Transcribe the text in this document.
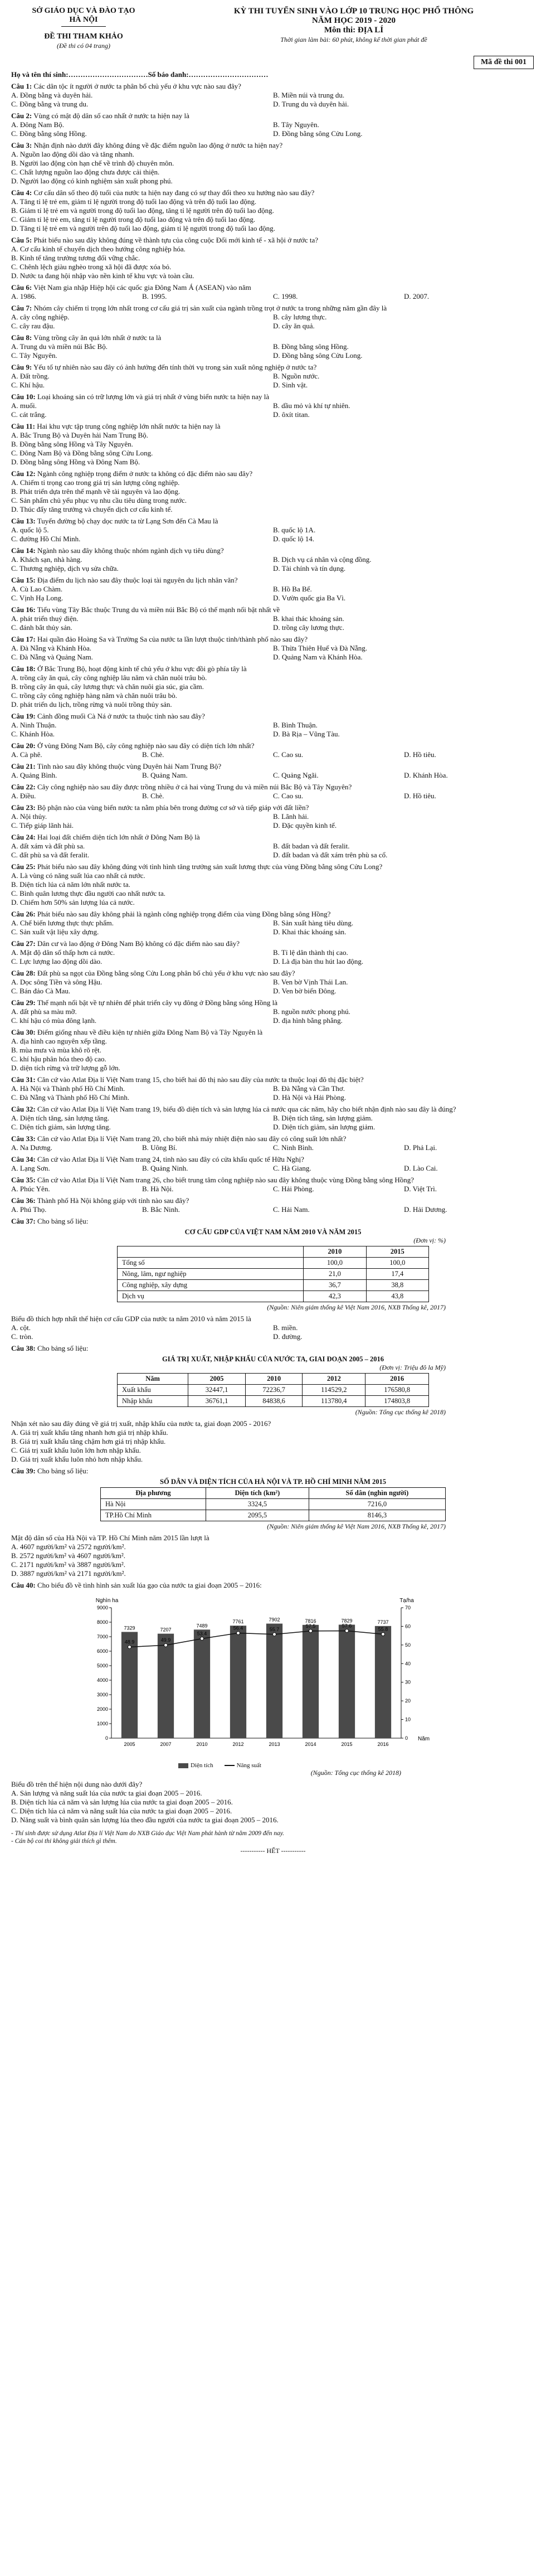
SỞ GIÁO DỤC VÀ ĐÀO TẠO
HÀ NỘI
ĐỀ THI THAM KHẢO
(Đề thi có 04 trang)
KỲ THI TUYỂN SINH VÀO LỚP 10 TRUNG HỌC PHỔ THÔNG
NĂM HỌC 2019 - 2020
Môn thi: ĐỊA LÍ
Thời gian làm bài: 60 phút, không kể thời gian phát đề
Mã đề thi 001
Họ và tên thí sinh:……………………………Số báo danh:……………………………
Câu 1: Các dân tộc ít người ở nước ta phân bố chủ yếu ở khu vực nào sau đây?
A. Đồng bằng và duyên hải.	B. Miền núi và trung du.
C. Đồng bằng và trung du.	D. Trung du và duyên hải.
Câu 2: Vùng có mật độ dân số cao nhất ở nước ta hiện nay là
A. Đông Nam Bộ.	B. Tây Nguyên.
C. Đồng bằng sông Hồng.	D. Đồng bằng sông Cửu Long.
Câu 3: Nhận định nào dưới đây không đúng về đặc điểm nguồn lao động ở nước ta hiện nay?
A. Nguồn lao động dồi dào và tăng nhanh.
B. Người lao động còn hạn chế về trình độ chuyên môn.
C. Chất lượng nguồn lao động chưa được cải thiện.
D. Người lao động có kinh nghiệm sản xuất phong phú.
Câu 4: Cơ cấu dân số theo độ tuổi của nước ta hiện nay đang có sự thay đổi theo xu hướng nào sau đây?
A. Tăng tỉ lệ trẻ em, giảm tỉ lệ người trong độ tuổi lao động và trên độ tuổi lao động.
B. Giảm tỉ lệ trẻ em và người trong độ tuổi lao động, tăng tỉ lệ người trên độ tuổi lao động.
C. Giảm tỉ lệ trẻ em, tăng tỉ lệ người trong độ tuổi lao động và trên độ tuổi lao động.
D. Tăng tỉ lệ trẻ em và người trên độ tuổi lao động, giảm tỉ lệ người trong độ tuổi lao động.
Câu 5: Phát biểu nào sau đây không đúng về thành tựu của công cuộc Đổi mới kinh tế - xã hội ở nước ta?
A. Cơ cấu kinh tế chuyển dịch theo hướng công nghiệp hóa.
B. Kinh tế tăng trưởng tương đối vững chắc.
C. Chênh lệch giàu nghèo trong xã hội đã được xóa bỏ.
D. Nước ta đang hội nhập vào nền kinh tế khu vực và toàn cầu.
Câu 6: Việt Nam gia nhập Hiệp hội các quốc gia Đông Nam Á (ASEAN) vào năm
A. 1986.	B. 1995.	C. 1998.	D. 2007.
Câu 7: Nhóm cây chiếm tỉ trọng lớn nhất trong cơ cấu giá trị sản xuất của ngành trồng trọt ở nước ta trong những năm gần đây là
A. cây công nghiệp.	B. cây lương thực.
C. cây rau đậu.	D. cây ăn quả.
Câu 8: Vùng trồng cây ăn quả lớn nhất ở nước ta là
A. Trung du và miền núi Bắc Bộ.	B. Đồng bằng sông Hồng.
C. Tây Nguyên.	D. Đồng bằng sông Cửu Long.
Câu 9: Yếu tố tự nhiên nào sau đây có ảnh hưởng đến tính thời vụ trong sản xuất nông nghiệp ở nước ta?
A. Đất trồng.	B. Nguồn nước.
C. Khí hậu.	D. Sinh vật.
Câu 10: Loại khoáng sản có trữ lượng lớn và giá trị nhất ở vùng biển nước ta hiện nay là
A. muối.	B. dầu mỏ và khí tự nhiên.
C. cát trắng.	D. ôxít titan.
Câu 11: Hai khu vực tập trung công nghiệp lớn nhất nước ta hiện nay là
A. Bắc Trung Bộ và Duyên hải Nam Trung Bộ.
B. Đồng bằng sông Hồng và Tây Nguyên.
C. Đông Nam Bộ và Đồng bằng sông Cửu Long.
D. Đồng bằng sông Hồng và Đông Nam Bộ.
Câu 12: Ngành công nghiệp trọng điểm ở nước ta không có đặc điểm nào sau đây?
A. Chiếm tỉ trọng cao trong giá trị sản lượng công nghiệp.
B. Phát triển dựa trên thế mạnh về tài nguyên và lao động.
C. Sản phẩm chủ yếu phục vụ nhu cầu tiêu dùng trong nước.
D. Thúc đẩy tăng trưởng và chuyển dịch cơ cấu kinh tế.
Câu 13: Tuyến đường bộ chạy dọc nước ta từ Lạng Sơn đến Cà Mau là
A. quốc lộ 5.	B. quốc lộ 1A.
C. đường Hồ Chí Minh.	D. quốc lộ 14.
Câu 14: Ngành nào sau đây không thuộc nhóm ngành dịch vụ tiêu dùng?
A. Khách sạn, nhà hàng.	B. Dịch vụ cá nhân và cộng đồng.
C. Thương nghiệp, dịch vụ sửa chữa.	D. Tài chính và tín dụng.
Câu 15: Địa điểm du lịch nào sau đây thuộc loại tài nguyên du lịch nhân văn?
A. Cù Lao Chàm.	B. Hồ Ba Bể.
C. Vịnh Hạ Long.	D. Vườn quốc gia Ba Vì.
Câu 16: Tiểu vùng Tây Bắc thuộc Trung du và miền núi Bắc Bộ có thế mạnh nổi bật nhất về
A. phát triển thuỷ điện.	B. khai thác khoáng sản.
C. đánh bắt thủy sản.	D. trồng cây lương thực.
Câu 17: Hai quần đảo Hoàng Sa và Trường Sa của nước ta lần lượt thuộc tỉnh/thành phố nào sau đây?
A. Đà Nẵng và Khánh Hòa.	B. Thừa Thiên Huế và Đà Nẵng.
C. Đà Nẵng và Quảng Nam.	D. Quảng Nam và Khánh Hòa.
Câu 18: Ở Bắc Trung Bộ, hoạt động kinh tế chủ yếu ở khu vực đồi gò phía tây là
A. trồng cây ăn quả, cây công nghiệp lâu năm và chăn nuôi trâu bò.
B. trồng cây ăn quả, cây lương thực và chăn nuôi gia súc, gia cầm.
C. trồng cây công nghiệp hàng năm và chăn nuôi trâu bò.
D. phát triển du lịch, trồng rừng và nuôi trồng thủy sản.
Câu 19: Cảnh đồng muối Cà Ná ở nước ta thuộc tỉnh nào sau đây?
A. Ninh Thuận.	B. Bình Thuận.
C. Khánh Hòa.	D. Bà Rịa – Vũng Tàu.
Câu 20: Ở vùng Đông Nam Bộ, cây công nghiệp nào sau đây có diện tích lớn nhất?
A. Cà phê.	B. Chè.	C. Cao su.	D. Hồ tiêu.
Câu 21: Tỉnh nào sau đây không thuộc vùng Duyên hải Nam Trung Bộ?
A. Quảng Bình.	B. Quảng Nam.	C. Quảng Ngãi.	D. Khánh Hòa.
Câu 22: Cây công nghiệp nào sau đây được trồng nhiều ở cả hai vùng Trung du và miền núi Bắc Bộ và Tây Nguyên?
A. Điều.	B. Chè.	C. Cao su.	D. Hồ tiêu.
Câu 23: Bộ phận nào của vùng biển nước ta nằm phía bên trong đường cơ sở và tiếp giáp với đất liền?
A. Nội thủy.	B. Lãnh hải.
C. Tiếp giáp lãnh hải.	D. Đặc quyền kinh tế.
Câu 24: Hai loại đất chiếm diện tích lớn nhất ở Đông Nam Bộ là
A. đất xám và đất phù sa.	B. đất badan và đất feralit.
C. đất phù sa và đất feralit.	D. đất badan và đất xám trên phù sa cổ.
Câu 25: Phát biểu nào sau đây không đúng với tình hình tăng trưởng sản xuất lương thực của vùng Đồng bằng sông Cửu Long?
A. Là vùng có năng suất lúa cao nhất cả nước.
B. Diện tích lúa cả năm lớn nhất nước ta.
C. Bình quân lương thực đầu người cao nhất nước ta.
D. Chiếm hơn 50% sản lượng lúa cả nước.
Câu 26: Phát biểu nào sau đây không phải là ngành công nghiệp trọng điểm của vùng Đồng bằng sông Hồng?
A. Chế biến lương thực thực phẩm.	B. Sản xuất hàng tiêu dùng.
C. Sản xuất vật liệu xây dựng.	D. Khai thác khoáng sản.
Câu 27: Dân cư và lao động ở Đông Nam Bộ không có đặc điểm nào sau đây?
A. Mật độ dân số thấp hơn cả nước.	B. Tỉ lệ dân thành thị cao.
C. Lực lượng lao động dồi dào.	D. Là địa bàn thu hút lao động.
Câu 28: Đất phù sa ngọt của Đồng bằng sông Cửu Long phân bố chủ yếu ở khu vực nào sau đây?
A. Dọc sông Tiền và sông Hậu.	B. Ven bờ Vịnh Thái Lan.
C. Bán đảo Cà Mau.	D. Ven bờ biển Đông.
Câu 29: Thế mạnh nổi bật về tự nhiên để phát triển cây vụ đông ở Đồng bằng sông Hồng là
A. đất phù sa màu mỡ.	B. nguồn nước phong phú.
C. khí hậu có mùa đông lạnh.	D. địa hình bằng phẳng.
Câu 30: Điểm giống nhau về điều kiện tự nhiên giữa Đông Nam Bộ và Tây Nguyên là
A. địa hình cao nguyên xếp tầng.
B. mùa mưa và mùa khô rõ rệt.
C. khí hậu phân hóa theo độ cao.
D. diện tích rừng và trữ lượng gỗ lớn.
Câu 31: Căn cứ vào Atlat Địa lí Việt Nam trang 15, cho biết hai đô thị nào sau đây của nước ta thuộc loại đô thị đặc biệt?
A. Hà Nội và Thành phố Hồ Chí Minh.	B. Đà Nẵng và Cần Thơ.
C. Đà Nẵng và Thành phố Hồ Chí Minh.	D. Hà Nội và Hải Phòng.
Câu 32: Căn cứ vào Atlat Địa lí Việt Nam trang 19, biểu đồ diện tích và sản lượng lúa cả nước qua các năm, hãy cho biết nhận định nào sau đây là đúng?
A. Diện tích tăng, sản lượng tăng.	B. Diện tích tăng, sản lượng giảm.
C. Diện tích giảm, sản lượng tăng.	D. Diện tích giảm, sản lượng giảm.
Câu 33: Căn cứ vào Atlat Địa lí Việt Nam trang 20, cho biết nhà máy nhiệt điện nào sau đây có công suất lớn nhất?
A. Na Dương.	B. Uông Bí.	C. Ninh Bình.	D. Phả Lại.
Câu 34: Căn cứ vào Atlat Địa lí Việt Nam trang 24, tỉnh nào sau đây có cửa khẩu quốc tế Hữu Nghị?
A. Lạng Sơn.	B. Quảng Ninh.	C. Hà Giang.	D. Lào Cai.
Câu 35: Căn cứ vào Atlat Địa lí Việt Nam trang 26, cho biết trung tâm công nghiệp nào sau đây không thuộc vùng Đồng bằng sông Hồng?
A. Phúc Yên.	B. Hà Nội.	C. Hải Phòng.	D. Việt Trì.
Câu 36: Thành phố Hà Nội không giáp với tỉnh nào sau đây?
A. Phú Thọ.	B. Bắc Ninh.	C. Hải Nam.	D. Hải Dương.
Câu 37: Cho bảng số liệu:
CƠ CẤU GDP CỦA VIỆT NAM NĂM 2010 VÀ NĂM 2015
(Đơn vị: %)
	2010	2015
Tổng số	100,0	100,0
Nông, lâm, ngư nghiệp	21,0	17,4
Công nghiệp, xây dựng	36,7	38,8
Dịch vụ	42,3	43,8
(Nguồn: Niên giám thống kê Việt Nam 2016, NXB Thống kê, 2017)
Biểu đồ thích hợp nhất thể hiện cơ cấu GDP của nước ta năm 2010 và năm 2015 là
A. cột.	B. miền.
C. tròn.	D. đường.
Câu 38: Cho bảng số liệu:
GIÁ TRỊ XUẤT, NHẬP KHẨU CỦA NƯỚC TA, GIAI ĐOẠN 2005 – 2016
(Đơn vị: Triệu đô la Mỹ)
Năm	2005	2010	2012	2016
Xuất khẩu	32447,1	72236,7	114529,2	176580,8
Nhập khẩu	36761,1	84838,6	113780,4	174803,8
(Nguồn: Tổng cục thống kê 2018)
Nhận xét nào sau đây đúng về giá trị xuất, nhập khẩu của nước ta, giai đoạn 2005 - 2016?
A. Giá trị xuất khẩu tăng nhanh hơn giá trị nhập khẩu.
B. Giá trị xuất khẩu tăng chậm hơn giá trị nhập khẩu.
C. Giá trị xuất khẩu luôn lớn hơn nhập khẩu.
D. Giá trị xuất khẩu luôn nhỏ hơn nhập khẩu.
Câu 39: Cho bảng số liệu:
SỐ DÂN VÀ DIỆN TÍCH CỦA HÀ NỘI VÀ TP. HỒ CHÍ MINH NĂM 2015
Địa phương	Diện tích (km²)	Số dân (nghìn người)
Hà Nội	3324,5	7216,0
TP.Hồ Chí Minh	2095,5	8146,3
(Nguồn: Niên giám thống kê Việt Nam 2016, NXB Thống kê, 2017)
Mật độ dân số của Hà Nội và TP. Hồ Chí Minh năm 2015 lần lượt là
A. 4607 người/km² và 2572 người/km².
B. 2572 người/km² và 4607 người/km².
C. 2171 người/km² và 3887 người/km².
D. 3887 người/km² và 2171 người/km².
Câu 40: Cho biểu đồ về tình hình sản xuất lúa gạo của nước ta giai đoạn 2005 – 2016:
0
1000
2000
3000
4000
5000
6000
7000
8000
9000
0
10
20
30
40
50
60
70
Nghìn ha	Tạ/ha
Năm
7329
2005
7207
2007
7489
2010
7761
2012
7902
2013
7816
2014
7829
2015
7737
2016
48.9	49.9
53.4
56.4	55.7
57.5	57.6
55.8
Diện tích	Năng suất
(Nguồn: Tổng cục thống kê 2018)
Biểu đồ trên thể hiện nội dung nào dưới đây?
A. Sản lượng và năng suất lúa của nước ta giai đoạn 2005 – 2016.
B. Diện tích lúa cả năm và sản lượng lúa của nước ta giai đoạn 2005 – 2016.
C. Diện tích lúa cả năm và năng suất lúa của nước ta giai đoạn 2005 – 2016.
D. Năng suất và bình quân sản lượng lúa theo đầu người của nước ta giai đoạn 2005 – 2016.
- Thí sinh được sử dụng Atlat Địa lí Việt Nam do NXB Giáo dục Việt Nam phát hành từ năm 2009 đến nay.
- Cán bộ coi thi không giải thích gì thêm.
----------- HẾT -----------
